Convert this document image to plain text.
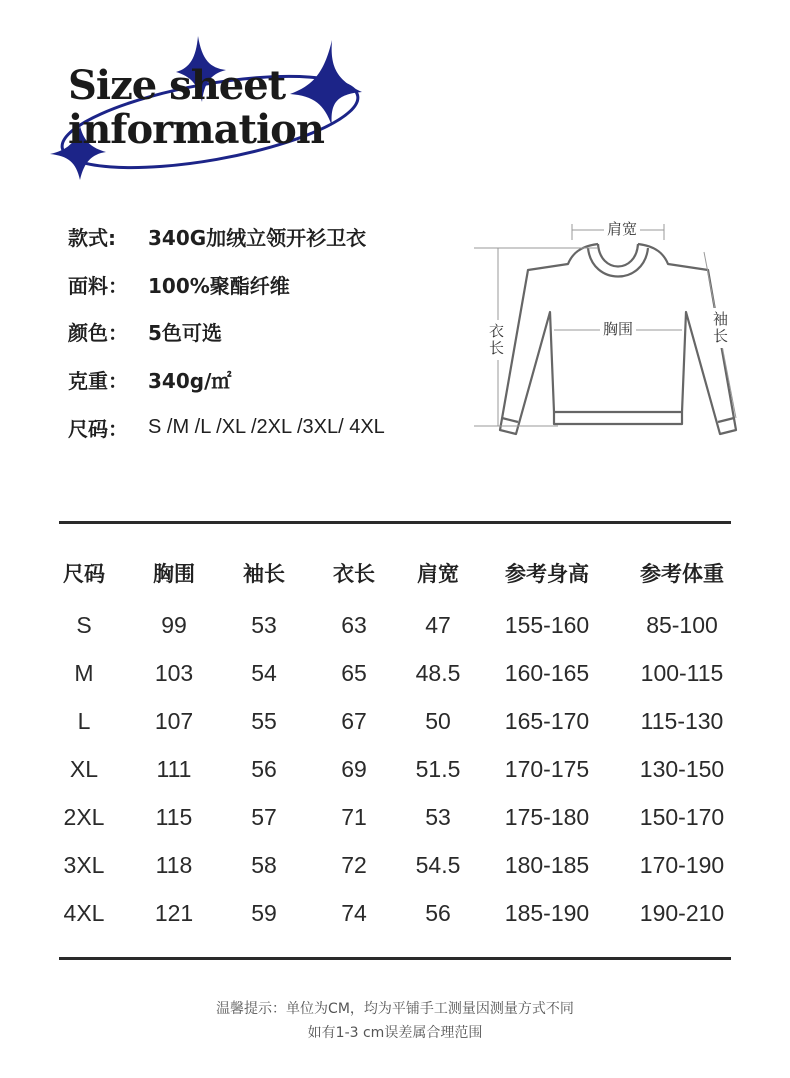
Size sheet
information
款式:	340G加绒立领开衫卫衣
面料：	100%聚酯纤维
颜色：	5色可选
克重：	340g/㎡
尺码：	S /M /L /XL /2XL /3XL/ 4XL
肩宽
胸围
衣长	袖长
尺码 胸围 袖长 衣长 肩宽 参考身高 参考体重
S	99	53	63	47 155-160 85-100
M	103	54	65 48.5 160-165 100-115
L	107	55	67	50 165-170 115-130
XL	111	56	69 51.5 170-175 130-150
2XL 115	57	71	53 175-180 150-170
3XL 118	58	72 54.5 180-185 170-190
4XL 121	59	74	56 185-190 190-210
温馨提示：单位为CM，均为平铺手工测量因测量方式不同
如有1-3 cm误差属合理范围
